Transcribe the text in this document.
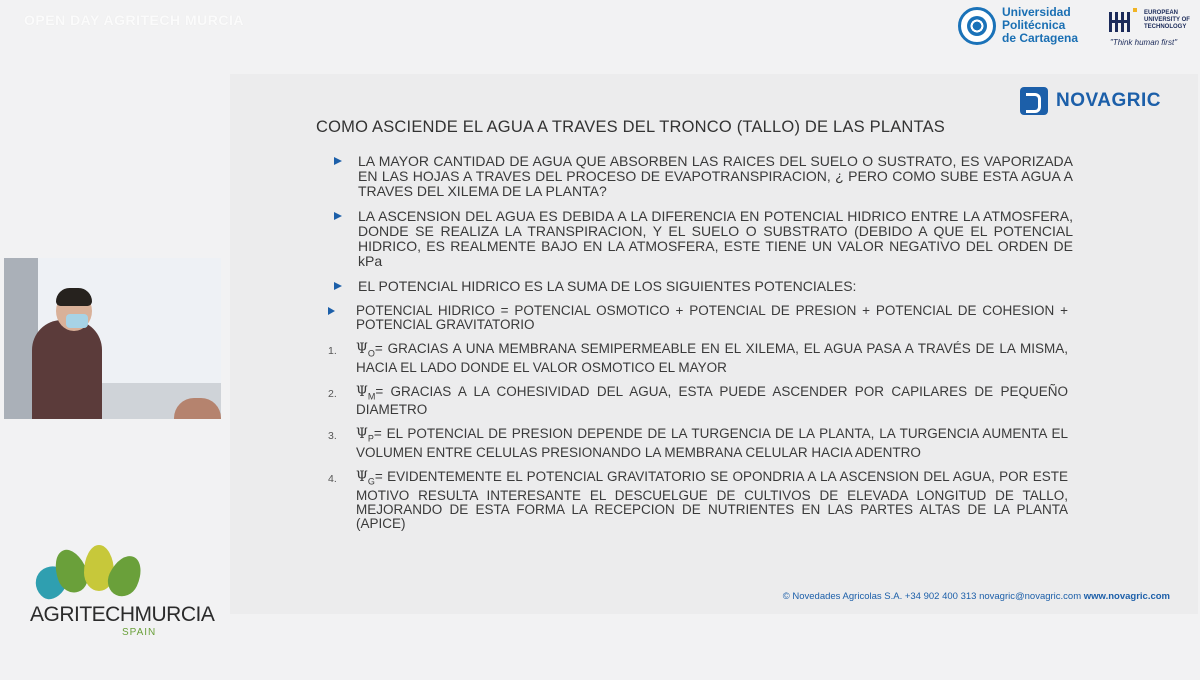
OPEN DAY AGRITECH MURCIA	Universidad
Politécnica
de Cartagena
EUROPEAN
UNIVERSITY OF
TECHNOLOGY
"Think human first"
NOVAGRIC
COMO ASCIENDE EL AGUA A TRAVES DEL TRONCO (TALLO) DE LAS PLANTAS
LA MAYOR CANTIDAD DE AGUA QUE ABSORBEN LAS RAICES DEL SUELO O SUSTRATO, ES VAPORIZADA EN LAS HOJAS A TRAVES DEL PROCESO DE EVAPOTRANSPIRACION, ¿ PERO COMO SUBE ESTA AGUA A TRAVES DEL XILEMA DE LA PLANTA?
LA ASCENSION DEL AGUA ES DEBIDA A LA DIFERENCIA EN POTENCIAL HIDRICO ENTRE LA ATMOSFERA, DONDE SE REALIZA LA TRANSPIRACION, Y EL SUELO O SUBSTRATO (DEBIDO A QUE EL POTENCIAL HIDRICO, ES REALMENTE BAJO EN LA ATMOSFERA, ESTE TIENE UN VALOR NEGATIVO DEL ORDEN DE kPa
EL POTENCIAL HIDRICO ES LA SUMA DE LOS SIGUIENTES POTENCIALES:
POTENCIAL HIDRICO = POTENCIAL OSMOTICO + POTENCIAL DE PRESION + POTENCIAL DE COHESION + POTENCIAL GRAVITATORIO
1. $\Psi_O=$ GRACIAS A UNA MEMBRANA SEMIPERMEABLE EN EL XILEMA, EL AGUA PASA A TRAVÉS DE LA MISMA, HACIA EL LADO DONDE EL VALOR OSMOTICO EL MAYOR
2. $\Psi_M=$ GRACIAS A LA COHESIVIDAD DEL AGUA, ESTA PUEDE ASCENDER POR CAPILARES DE PEQUEÑO DIAMETRO
3. $\Psi_P=$ EL POTENCIAL DE PRESION DEPENDE DE LA TURGENCIA DE LA PLANTA, LA TURGENCIA AUMENTA EL VOLUMEN ENTRE CELULAS PRESIONANDO LA MEMBRANA CELULAR HACIA ADENTRO
4. $\Psi_G=$ EVIDENTEMENTE EL POTENCIAL GRAVITATORIO SE OPONDRIA A LA ASCENSION DEL AGUA, POR ESTE MOTIVO RESULTA INTERESANTE EL DESCUELGUE DE CULTIVOS DE ELEVADA LONGITUD DE TALLO, MEJORANDO DE ESTA FORMA LA RECEPCION DE NUTRIENTES EN LAS PARTES ALTAS DE LA PLANTA (APICE)
© Novedades Agricolas S.A. +34 902 400 313 novagric@novagric.com www.novagric.com
AGRITECHMURCIA
SPAIN
